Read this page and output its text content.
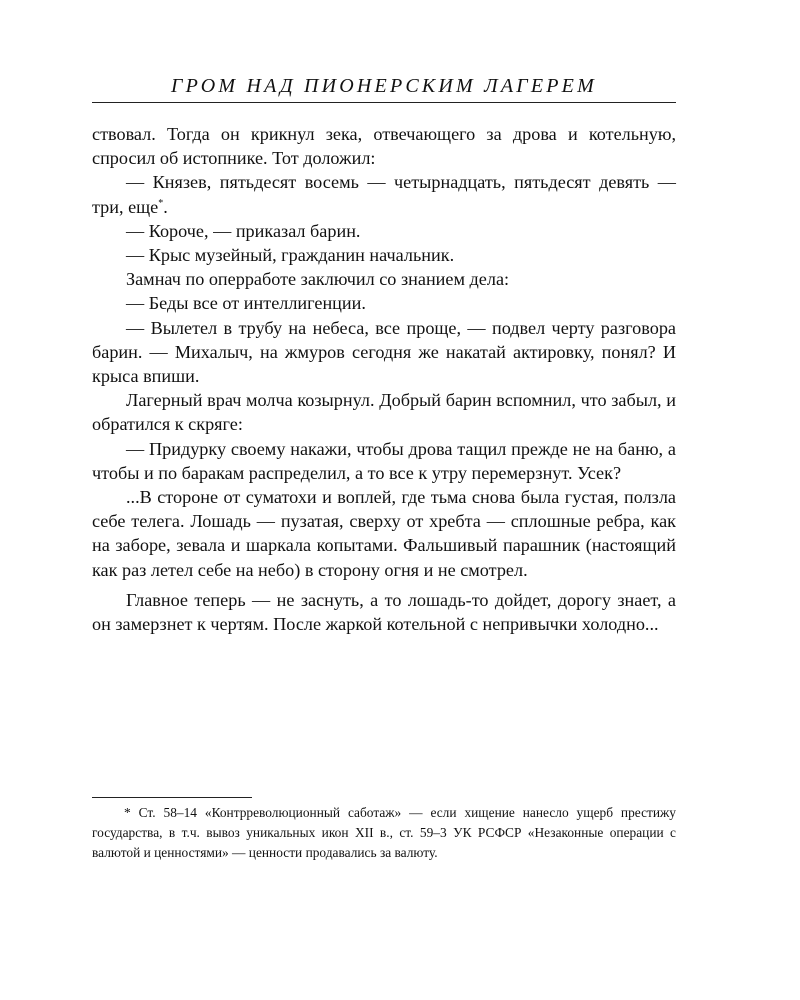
ГРОМ НАД ПИОНЕРСКИМ ЛАГЕРЕМ

ствовал. Тогда он крикнул зека, отвечающего за дрова и котельную, спросил об истопнике. Тот доложил:

— Князев, пятьдесят восемь — четырнадцать, пятьдесят девять — три, еще*.

— Короче, — приказал барин.

— Крыс музейный, гражданин начальник.

Замнач по оперработе заключил со знанием дела:

— Беды все от интеллигенции.

— Вылетел в трубу на небеса, все проще, — подвел черту разговора барин. — Михалыч, на жмуров сегодня же накатай актировку, понял? И крыса впиши.

Лагерный врач молча козырнул. Добрый барин вспомнил, что забыл, и обратился к скряге:

— Придурку своему накажи, чтобы дрова тащил прежде не на баню, а чтобы и по баракам распределил, а то все к утру перемерзнут. Усек?

...В стороне от суматохи и воплей, где тьма снова была густая, ползла себе телега. Лошадь — пузатая, сверху от хребта — сплошные ребра, как на заборе, зевала и шаркала копытами. Фальшивый парашник (настоящий как раз летел себе на небо) в сторону огня и не смотрел.

Главное теперь — не заснуть, а то лошадь-то дойдет, дорогу знает, а он замерзнет к чертям. После жаркой котельной с непривычки холодно...

* Ст. 58–14 «Контрреволюционный саботаж» — если хищение нанесло ущерб престижу государства, в т.ч. вывоз уникальных икон XII в., ст. 59–3 УК РСФСР «Незаконные операции с валютой и ценностями» — ценности продавались за валюту.
